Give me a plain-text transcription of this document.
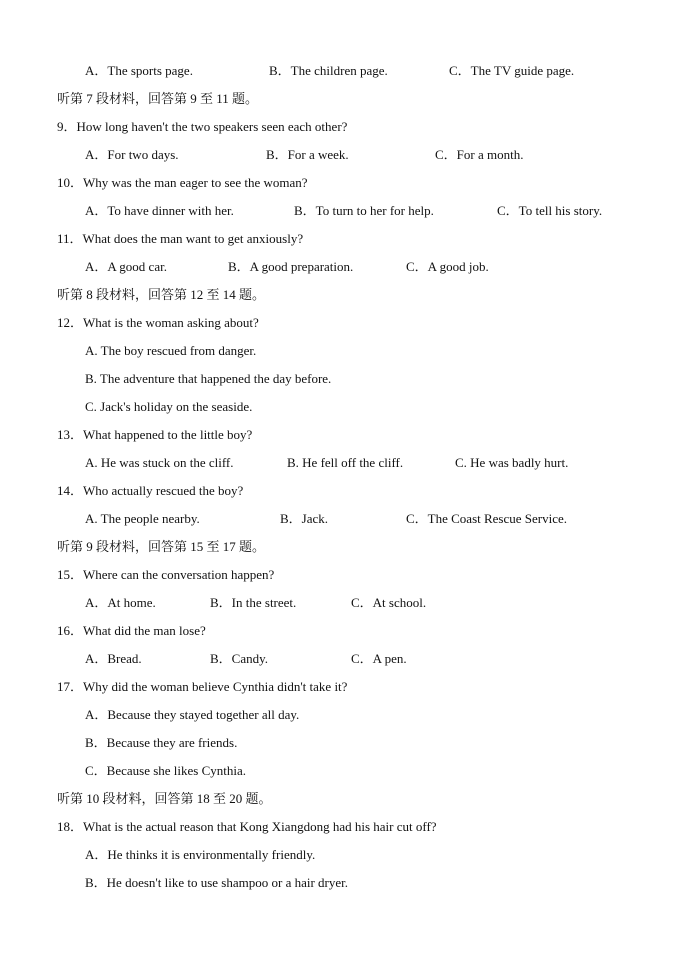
A．The sports page.	B．The children page.	C．The TV guide page.
听第 7 段材料，回答第 9 至 11 题。
9．How long haven't the two speakers seen each other?
A．For two days.	B．For a week.	C．For a month.
10．Why was the man eager to see the woman?
A．To have dinner with her.	B．To turn to her for help.	C．To tell his story.
11．What does the man want to get anxiously?
A．A good car.	B．A good preparation.	C．A good job.
听第 8 段材料，回答第 12 至 14 题。
12．What is the woman asking about?
A. The boy rescued from danger.
B. The adventure that happened the day before.
C. Jack's holiday on the seaside.
13．What happened to the little boy?
A. He was stuck on the cliff.	B. He fell off the cliff.	C. He was badly hurt.
14．Who actually rescued the boy?
A. The people nearby.	B．Jack.	C．The Coast Rescue Service.
听第 9 段材料，回答第 15 至 17 题。
15．Where can the conversation happen?
A．At home.	B．In the street.	C．At school.
16．What did the man lose?
A．Bread.	B．Candy.	C．A pen.
17．Why did the woman believe Cynthia didn't take it?
A．Because they stayed together all day.
B．Because they are friends.
C．Because she likes Cynthia.
听第 10 段材料，回答第 18 至 20 题。
18．What is the actual reason that Kong Xiangdong had his hair cut off?
A．He thinks it is environmentally friendly.
B．He doesn't like to use shampoo or a hair dryer.
